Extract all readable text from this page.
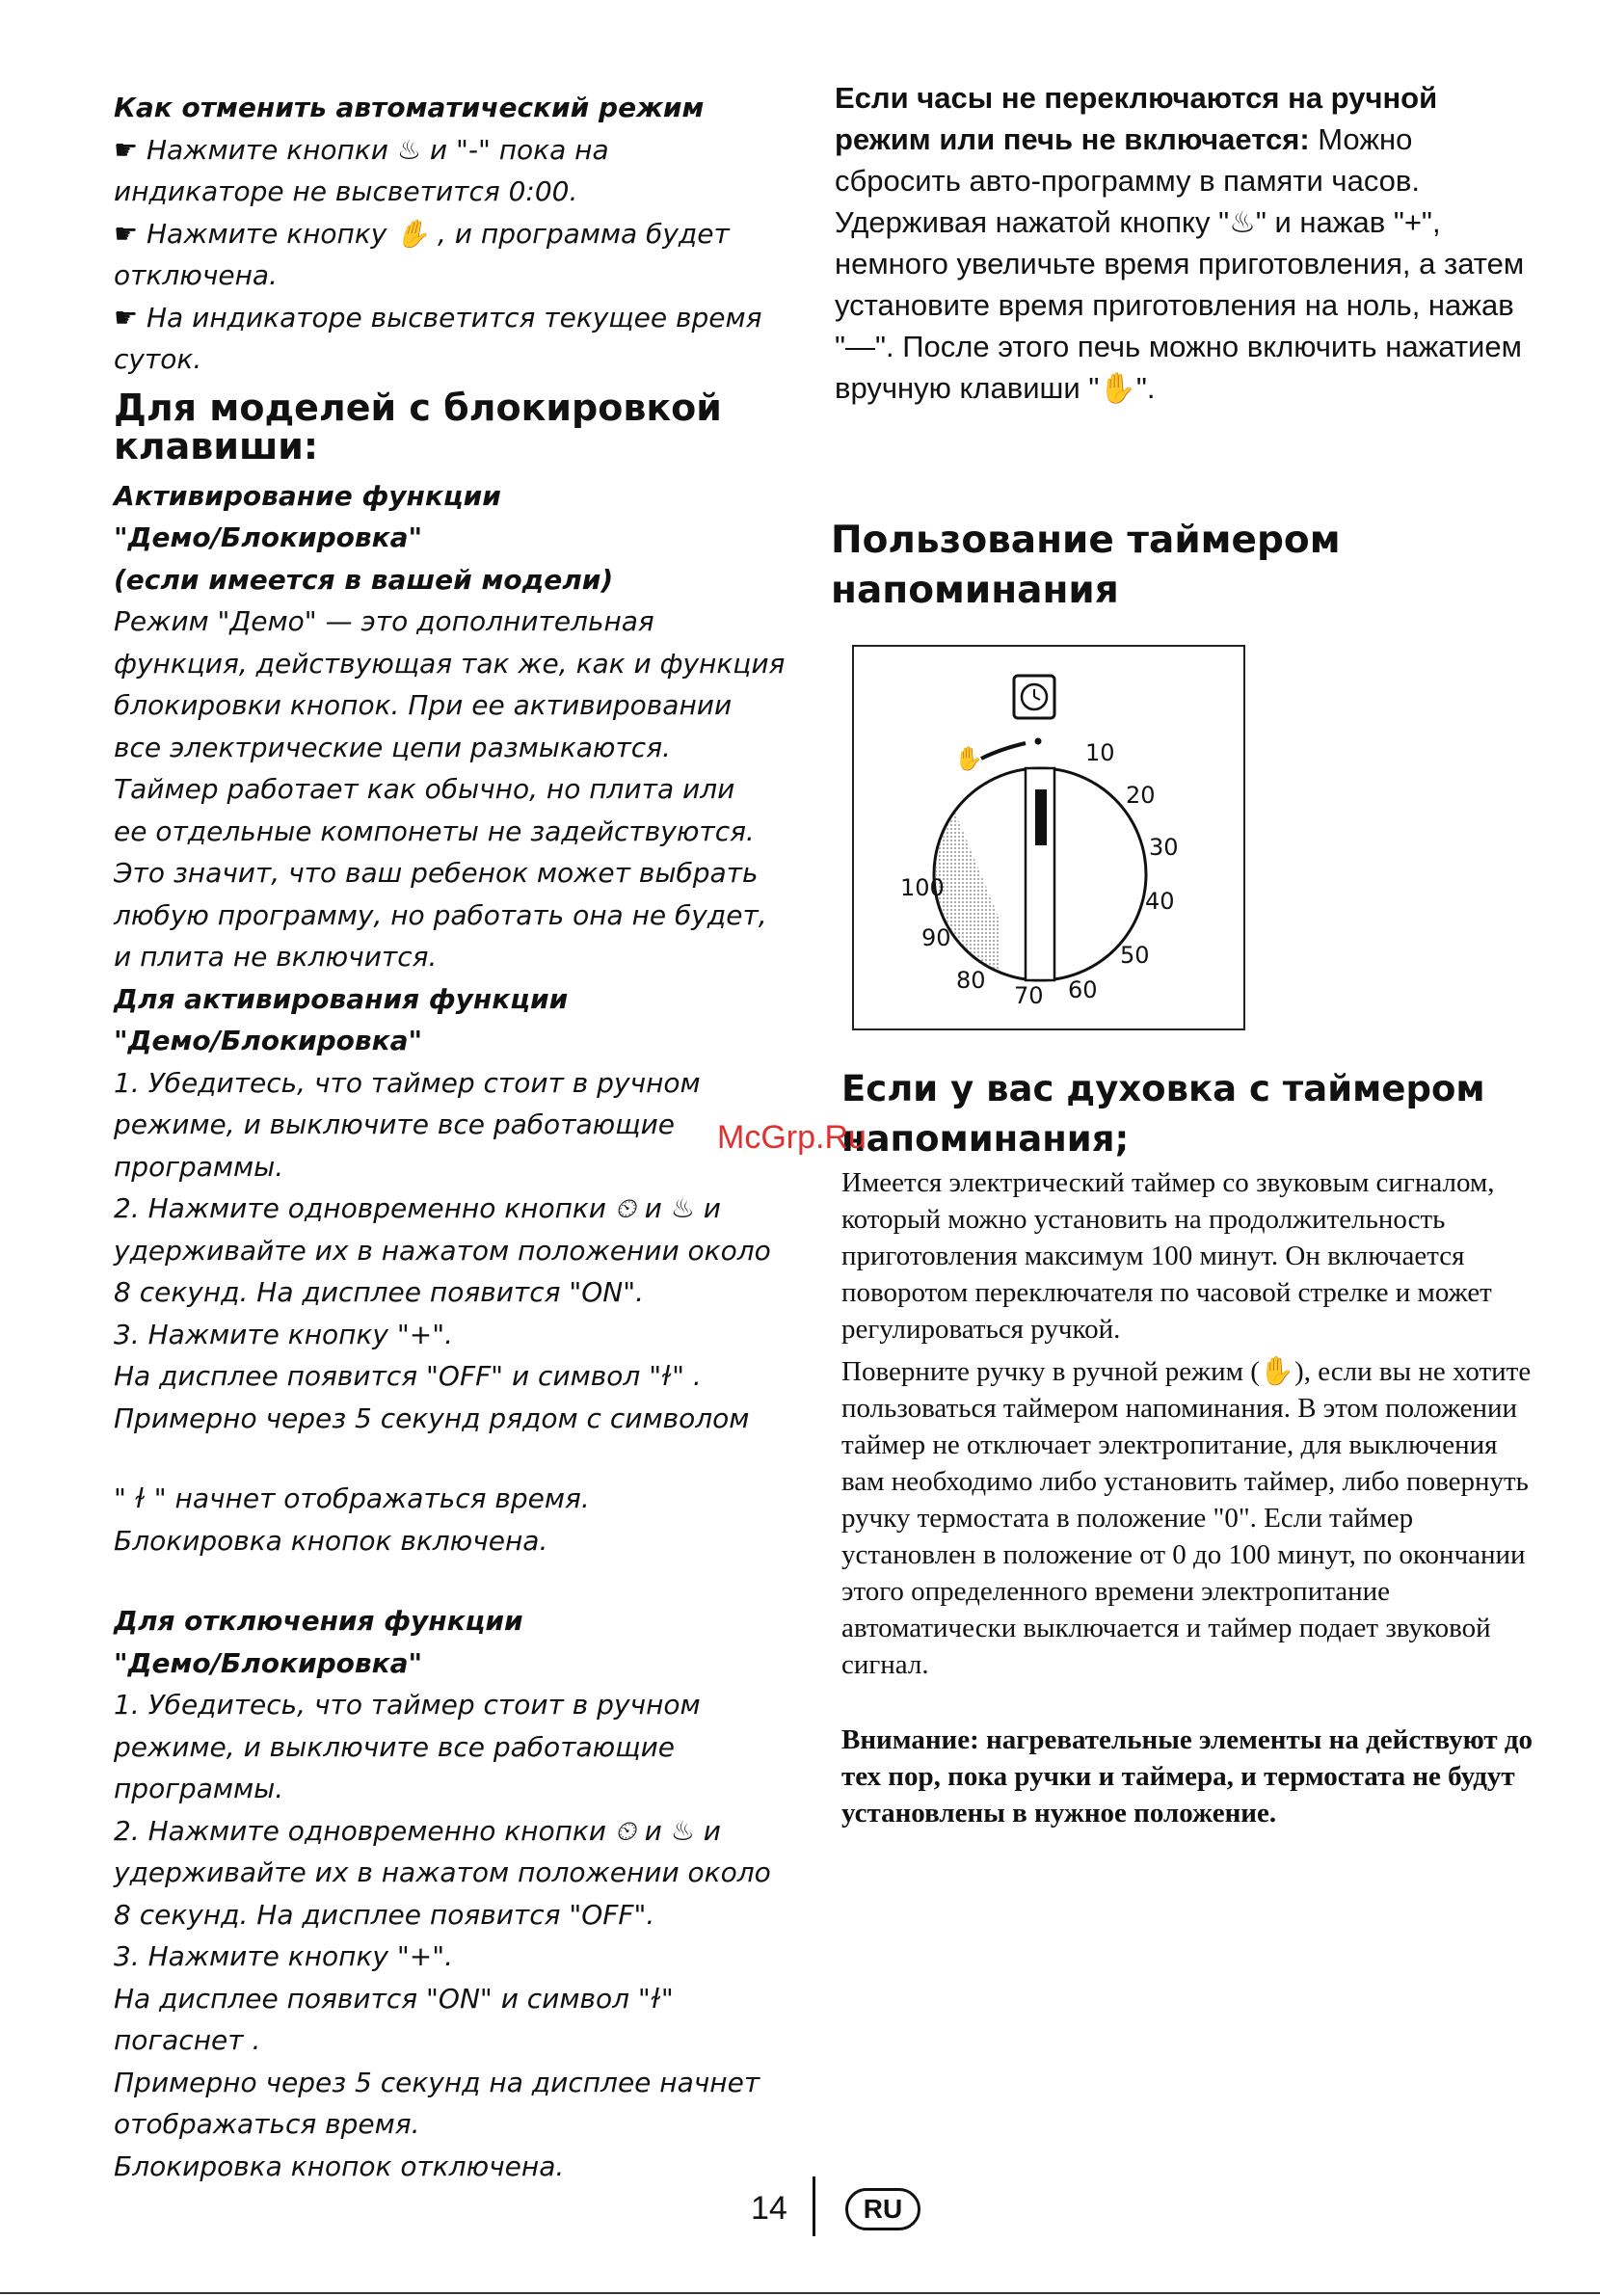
Как отменить автоматический режим

☛ Нажмите кнопки ♨ и "-" пока на

индикаторе не высветится 0:00.

☛ Нажмите кнопку ✋ , и программа будет

отключена.

☛ На индикаторе высветится текущее время

суток.

Для моделей с блокировкой клавиши:

Активирование функции

"Демо/Блокировка"

(если имеется в вашей модели)

Режим "Демо" — это дополнительная

функция, действующая так же, как и функция

блокировки кнопок. При ее активировании

все электрические цепи размыкаются.

Таймер работает как обычно, но плита или

ее отдельные компонеты не задействуются.

Это значит, что ваш ребенок может выбрать

любую программу, но работать она не будет,

и плита не включится.

Для активирования функции

"Демо/Блокировка"

1. Убедитесь, что таймер стоит в ручном

режиме, и выключите все работающие

программы.

2. Нажмите одновременно кнопки ⏲ и ♨ и

удерживайте их в нажатом положении около

8 секунд. На дисплее появится "ON".

3. Нажмите кнопку "+".

На дисплее появится "OFF" и символ "ɫ" .

Примерно через 5 секунд рядом с символом

" ɫ " начнет отображаться время.

Блокировка кнопок включена.

Для отключения функции

"Демо/Блокировка"

1. Убедитесь, что таймер стоит в ручном

режиме, и выключите все работающие

программы.

2. Нажмите одновременно кнопки ⏲ и ♨ и

удерживайте их в нажатом положении около

8 секунд. На дисплее появится "OFF".

3. Нажмите кнопку "+".

На дисплее появится "ON" и символ "ɫ"

погаснет .

Примерно через 5 секунд на дисплее начнет

отображаться время.

Блокировка кнопок отключена.

Если часы не переключаются на ручной режим или печь не включается: Можно сбросить авто-программу в памяти часов. Удерживая нажатой кнопку "♨" и нажав "+", немного увеличьте время приготовления, а затем установите время приготовления на ноль, нажав "—". После этого печь можно включить нажатием вручную клавиши "✋".

Пользование таймером напоминания

✋	10
20
30
40
50
60
70
80
90
100

Если у вас духовка с таймером напоминания;

Имеется электрический таймер со звуковым сигналом, который можно установить на продолжительность приготовления максимум 100 минут. Он включается поворотом переключателя по часовой стрелке и может регулироваться ручкой.

Поверните ручку в ручной режим (✋), если вы не хотите пользоваться таймером напоминания. В этом положении таймер не отключает электропитание, для выключения вам необходимо либо установить таймер, либо повернуть ручку термостата в положение "0". Если таймер установлен в положение от 0 до 100 минут, по окончании этого определенного времени электропитание автоматически выключается и таймер подает звуковой сигнал.

Внимание: нагревательные элементы на действуют до тех пор, пока ручки и таймера, и термостата не будут установлены в нужное положение.

McGrp.Ru
14	RU
